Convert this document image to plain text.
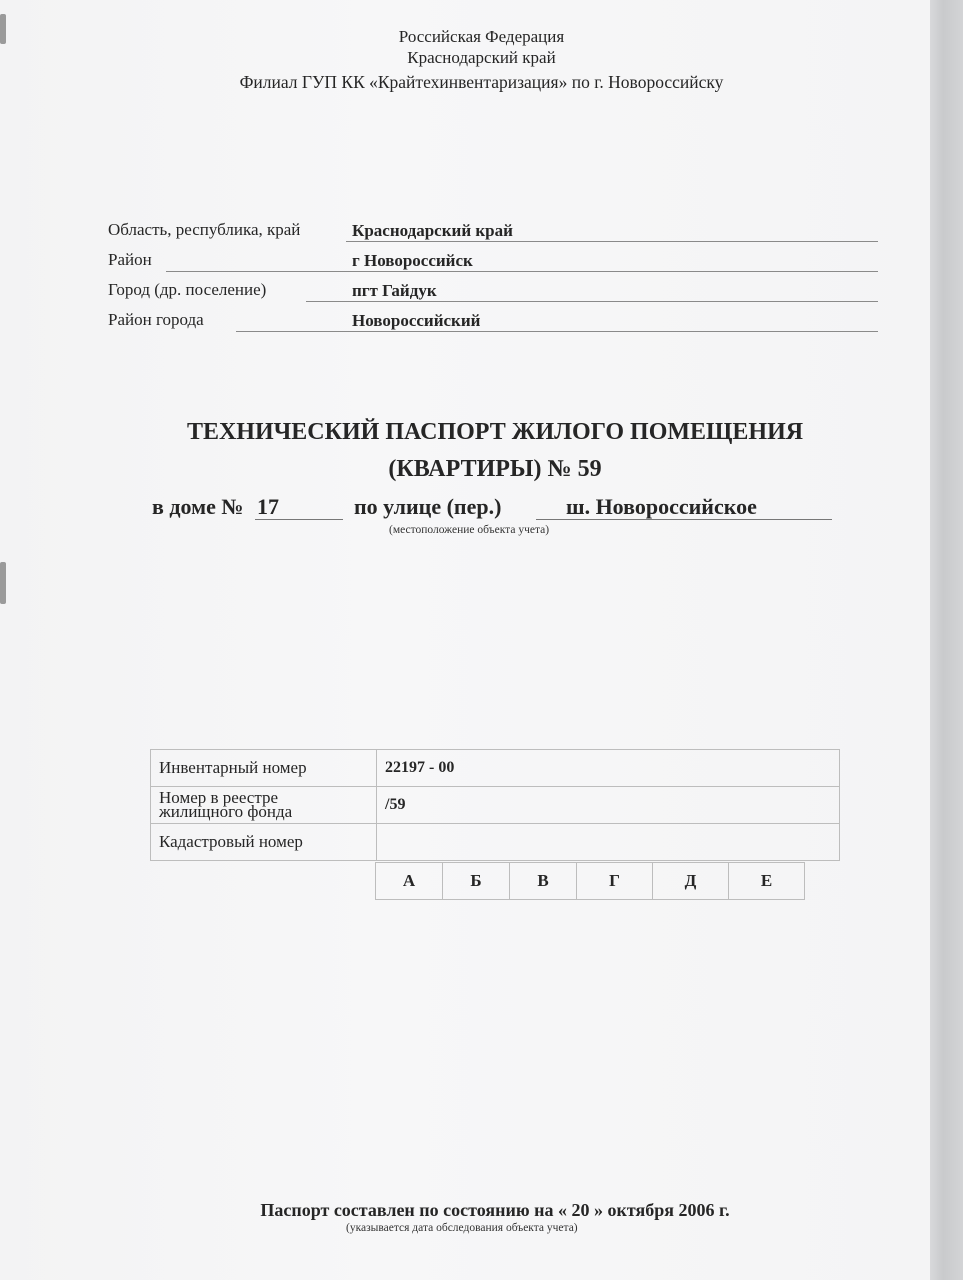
Российская Федерация
Краснодарский край
Филиал ГУП КК «Крайтехинвентаризация» по г. Новороссийску
Область, республика, край	Краснодарский край
Район	г Новороссийск
Город (др. поселение)	пгт Гайдук
Район города	Новороссийский
ТЕХНИЧЕСКИЙ ПАСПОРТ ЖИЛОГО ПОМЕЩЕНИЯ
(КВАРТИРЫ) № 59
в доме № 17	по улице (пер.)	ш. Новороссийское
(местоположение объекта учета)
Инвентарный номер	22197 - 00

Номер в реестре
жилищного фонда	/59
Кадастровый номер	
А	Б	В	Г	Д	Е
Паспорт составлен по состоянию на « 20 » октября 2006 г.
(указывается дата обследования объекта учета)
